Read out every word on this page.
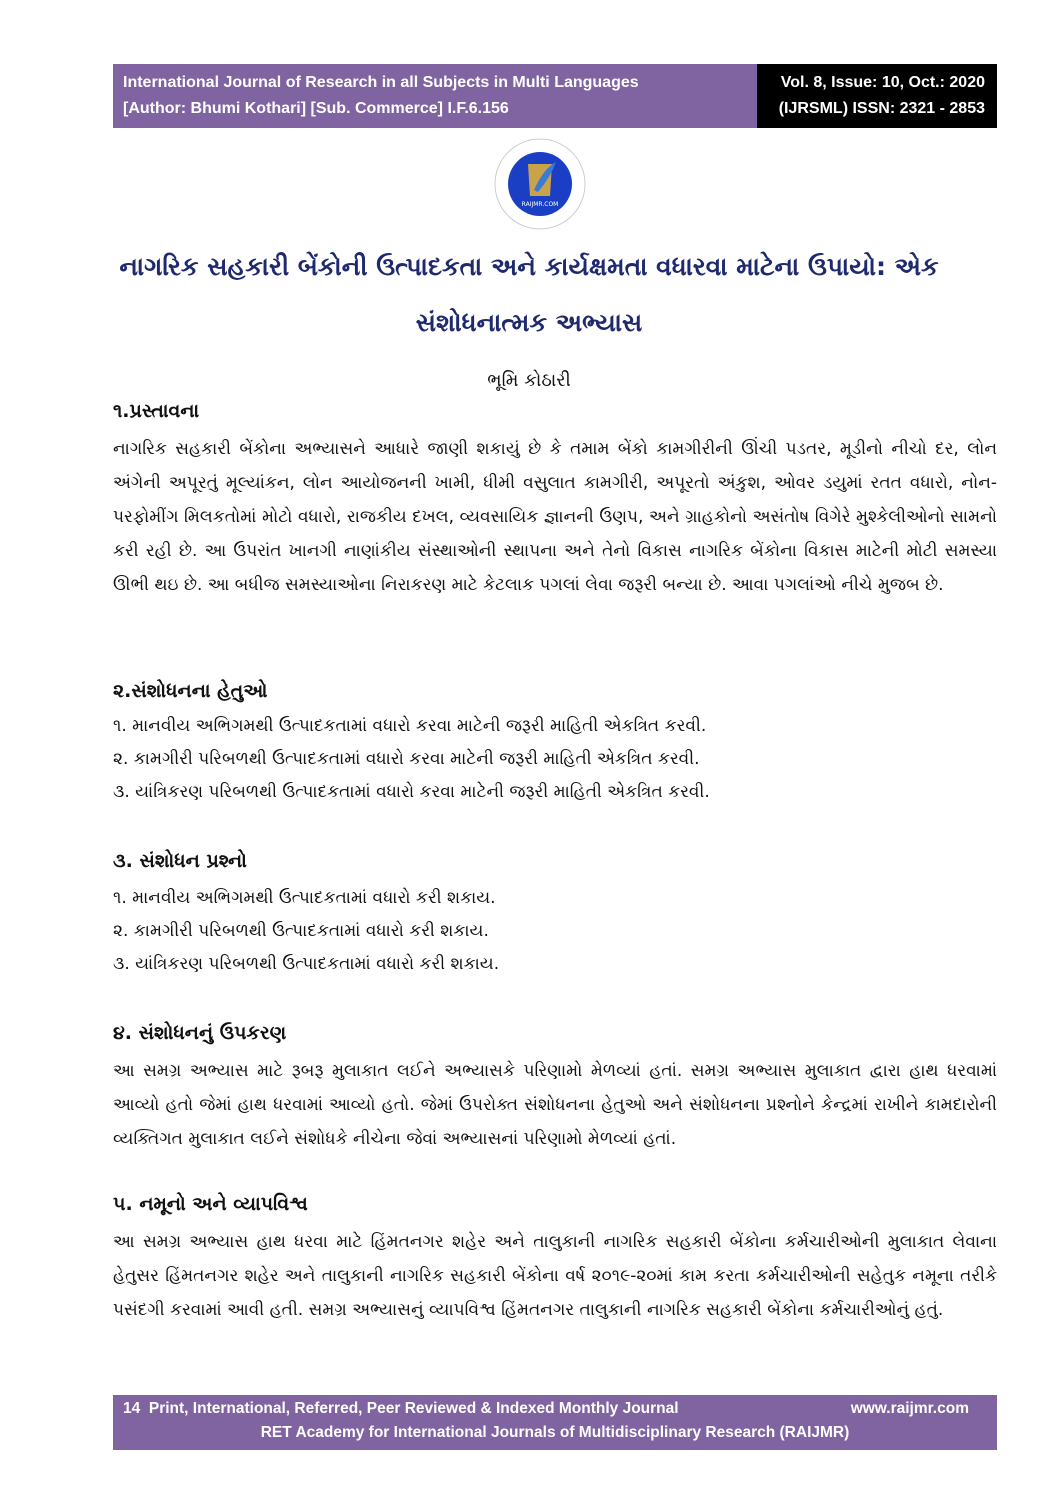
International Journal of Research in all Subjects in Multi Languages
[Author: Bhumi Kothari] [Sub. Commerce] I.F.6.156
Vol. 8, Issue: 10, Oct.: 2020
(IJRSML) ISSN: 2321 - 2853
RAIJMR.COM
નાગરિક સહકારી બેંકોની ઉત્પાદકતા અને કાર્યક્ષમતા વધારવા માટેના ઉપાયો: એક
સંશોધનાત્મક અભ્યાસ
ભૂમિ કોઠારી
૧.પ્રસ્તાવના
નાગરિક સહકારી બેંકોના અભ્યાસને આધારે જાણી શકાયું છે કે તમામ બેંકો કામગીરીની ઊંચી પડતર, મૂડીનો નીચો દર, લોન અંગેની અપૂરતું મૂલ્યાંકન, લોન આયોજનની ખામી, ધીમી વસુલાત કામગીરી, અપૂરતો અંકુશ, ઓવર ડયુમાં રતત વધારો, નોન-પરફોમીંગ મિલકતોમાં મોટો વધારો, રાજકીય દખલ, વ્યવસાયિક જ્ઞાનની ઉણપ, અને ગ્રાહકોનો અસંતોષ વિગેરે મુશ્કેલીઓનો સામનો કરી રહી છે. આ ઉપરાંત ખાનગી નાણાંકીય સંસ્થાઓની સ્થાપના અને તેનો વિકાસ નાગરિક બેંકોના વિકાસ માટેની મોટી સમસ્યા ઊભી થઇ છે. આ બધીજ સમસ્યાઓના નિરાકરણ માટે કેટલાક પગલાં લેવા જરૂરી બન્યા છે. આવા પગલાંઓ નીચે મુજબ છે.
૨.સંશોધનના હેતુઓ
૧. માનવીય અભિગમથી ઉત્પાદકતામાં વધારો કરવા માટેની જરૂરી માહિતી એકત્રિત કરવી.
૨. કામગીરી પરિબળથી ઉત્પાદકતામાં વધારો કરવા માટેની જરૂરી માહિતી એકત્રિત કરવી.
૩. યાંત્રિકરણ પરિબળથી ઉત્પાદકતામાં વધારો કરવા માટેની જરૂરી માહિતી એકત્રિત કરવી.
૩. સંશોધન પ્રશ્નો
૧. માનવીય અભિગમથી ઉત્પાદકતામાં વધારો કરી શકાય.
૨. કામગીરી પરિબળથી ઉત્પાદકતામાં વધારો કરી શકાય.
૩. યાંત્રિકરણ પરિબળથી ઉત્પાદકતામાં વધારો કરી શકાય.
૪. સંશોધનનું ઉપકરણ
આ સમગ્ર અભ્યાસ માટે રૂબરૂ મુલાકાત લઈને અભ્યાસકે પરિણામો મેળવ્યાં હતાં. સમગ્ર અભ્યાસ મુલાકાત દ્વારા હાથ ધરવામાં આવ્યો હતો જેમાં હાથ ધરવામાં આવ્યો હતો. જેમાં ઉપરોક્ત સંશોધનના હેતુઓ અને સંશોધનના પ્રશ્નોને કેન્દ્રમાં રાખીને કામદારોની વ્યક્તિગત મુલાકાત લઈને સંશોધકે નીચેના જેવાં અભ્યાસનાં પરિણામો મેળવ્યાં હતાં.
૫. નમૂનો અને વ્યાપવિશ્વ
આ સમગ્ર અભ્યાસ હાથ ધરવા માટે હિંમતનગર શહેર અને તાલુકાની નાગરિક સહકારી બેંકોના કર્મચારીઓની મુલાકાત લેવાના હેતુસર હિંમતનગર શહેર અને તાલુકાની નાગરિક સહકારી બેંકોના વર્ષ ૨૦૧૯-૨૦માં કામ કરતા કર્મચારીઓની સહેતુક નમૂના તરીકે પસંદગી કરવામાં આવી હતી. સમગ્ર અભ્યાસનું વ્યાપવિશ્વ હિંમતનગર તાલુકાની નાગરિક સહકારી બેંકોના કર્મચારીઓનું હતું.
14 Print, International, Referred, Peer Reviewed & Indexed Monthly Journal	www.raijmr.com
RET Academy for International Journals of Multidisciplinary Research (RAIJMR)
